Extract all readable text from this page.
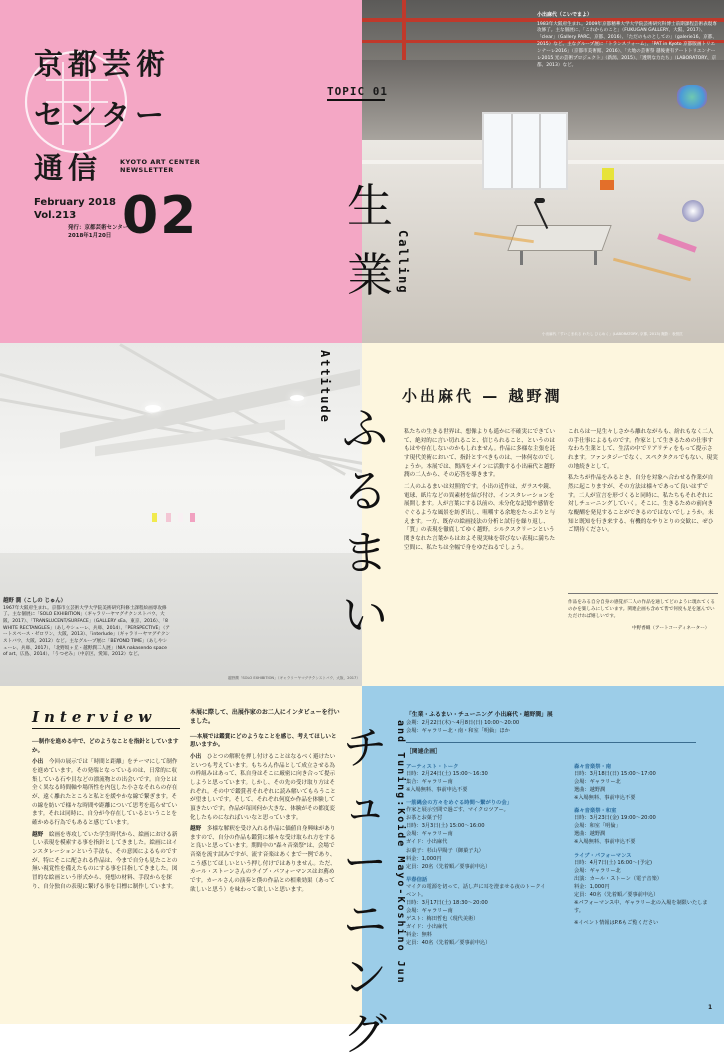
京都芸術
センター
通信	KYOTO ART CENTER
NEWSLETTER
February 2018
Vol.213 02
発行：京都芸術センター
2018年1月20日
小出麻代（こいでまよ）
1983年大阪府生まれ。2009年京都精華大学大学院芸術研究科博士前期課程芸術表現専攻修了。主な個展に、「これからのこと」（FUKUGAN GALLERY、大阪、2017）、「clear」（Gallery PARC、京都、2016）、「ただのものとしての」（galerie16、京都、2015）など。主なグループ展に「トランスフォーム」、「PAT in Kyoto 京都版画トリエンナーレ2016」（京都市美術館、2016）、「大地の芸術祭 越後妻有アートトリエンナーレ2015 光の芸術プロジェクト」（新潟、2015）、「透明な力たち」（LABORATORY、京都、2013）など。
小出麻代「すいこまれる わたし ひらめく」(LABORATORY, 京都, 2013) 撮影：表恒匡
TOPIC 01
越野 潤（こしの じゅん）
1967年大阪府生まれ。京都市立芸術大学大学院美術研究科修士課程絵画専攻修了。主な個展に「SOLO EXHIBITION」（ギャラリーヤマグチクンストバウ、大阪、2017）、「TRANSLUCENT/SURFACE」（GALLERY sEa、東京、2016）、「8 WHITE RECTANGLES」（あしやシューレ、兵庫、2014）、「PERSPECTIVE」（アートスペース・ゼロワン、大阪、2013）、「interlude」（ギャラリーヤマグチクンストバウ、大阪、2012）など。主なグループ展に「BEYOND TIME」（あしやシューレ、兵庫、2017）、「北野坂ヶ丘・越野潤二人展」（NIA nakasendo space of art、広島、2014）、「うつせみ」（中京区、愛知、2012）など。
越野潤「SOLO EXHIBITION」（ギャラリーヤマグチクンストバウ、大阪、2017）
小出麻代 — 越野潤

私たちの生きる世界は、想像よりも遥かに不確実にできていて、絶対的に言い切れること、信じられること、というのはもはや存在しないのかもしれません。作品に多様な主張を託す現代美術において、指針とすべきものは、一体何なのでしょうか。本展では、関西をメインに活動する小出麻代と越野潤の二人から、その応答を導きます。

二人のふるまいは対照的です。小出の近作は、ガラスや鏡、電球、紙片などの異素材を結び付け、インスタレーションを展開します。人が言葉にする以前の、未分化な記憶や感情をぐぐるような風景を紡ぎ出し、咀嚼する余地をたっぷりと与えます。一方、既存の絵画技法の分析と試行を繰り返し、「質」の表現を徹底してゆく越野。シルクスクリーンという関きなれた言葉からはおよそ現実味を帯びない表現に満ちた空間に、私たちは全幅で身をゆだねるでしょう。

これらは一見生々しさから離れながらも、紛れもなく二人の手仕事によるものです。作家として生きるための仕事すなわち生業として、生活の中でリアリティをもって提示されます。ファンタジーでなく、スペクタクルでもない、現実の地続きとして。

私たちが作品をみるとき、自分を対象へ合わせる作業が自然に起こりますが、その方法は様々であって良いはずです。二人が宣言を形づくると同時に、私たちもそれぞれに対しチューニングしていく。そこに、生きるための前向きな醍醐を発見することができるのではないでしょうか。未知と既知を行き来する、有機的なやりとりの交歓に、ぜひご期待ください。

作品をみる自分自身の感覚が二人の作品を通してどのように現れてくるのかを楽しみにしています。関連企画も含めて皆で何度も足を運んでいただければ嬉しいです。
中野香織（アートコーディネーター）
Interview

──制作を進める中で、どのようなことを指針としていますか。

小出　 今回の展示では「時間と距離」をテーマにして制作を進めています。その発端となっているのは、日常的に収集している石や貝などの漂流物との出会いです。自分とは全く異なる時間軸や場所性を内包した小さなそれらの存在が、遠く離れたところと私とを緩やかな線で繋ぎます。その線を紡いで様々な時間や距離について思考を巡らせています。それは同時に、自分が今存在しているということを確かめる行為でもあると感じています。

越野　 絵画を専攻していた学生時代から、絵画における新しい表現を模索する事を指針としてきました。絵画にはインスタレーションという手法も、その意図によるものですが、特にそこに配される作品は、今まで自分も見たことの無い視覚性を備えたものにする事を目指してきました。図冒的な絵画という形式から、発想の材料、手段からを探り、自分独自の表現に繋げる事を目標に制作しています。

本展に際して、出展作家のお二人にインタビューを行いました。

──本展では鑑賞にどのようなことを感じ、考えてほしいと思いますか。

小出　 ひとつの解釈を押し付けることはなるべく避けたいといつも考えています。もちろん作品として成立させる為の枠組みはあって、私自身はそこに厳密に向き合って提示しようと思っています。しかし、その先の受け取り方はそれぞれ。その中で鑑賞者それぞれに読み解いてもらうことが望ましいです。そして、それぞれ何度か作品を体験して頂きたいです。作品が毎回何か大きな、体験がその都度変化したものになればいいなと思っています。

越野　 多様な解釈を受け入れる作品に価値自身興味がありますので、自分の作品も鑑賞に様々な受け取られ方をすると良いと思っています。期間中の"森々音楽祭"は、会場で音楽を流す試みですが、流す音楽はあくまで一例であり、こう感じてほしいという押し付けではありません。ただ、カール・ストーンさんのライブ・パフォーマンスはお薦めです。カールさんの演奏と僕の作品との相乗効果（あって欲しいと思う）を味わって欲しいと思います。

「生業・ふるまい・チューニング 小出麻代・越野潤」展
会期：2月22日(木)〜4月8日(日) 10:00〜20:00
会場：ギャラリー北・南・和室「明倫」ほか
［関連企画］
アーティスト・トーク
日時：2月24日(土) 15:00〜16:30
集合：ギャラリー南
※入場無料、事前申込不要
一筋縄会の方々をめぐる時間〜繋がりの会」
作家と展示空間で過ごす、マイクロツアー。
お茶とお菓子付
日時：3月3日(土) 15:00〜16:00
会場：ギャラリー南
ガイド：小出麻代
お菓子：杉山早陽子（御菓子丸）
料金：1,000円
定員：20名（先着順／要事前申込）
早春信話
マイクの電源を切って、話し声に耳を澄ませる夜のトークイベント。
日時：3月17日(土) 18:30〜20:00
会場：ギャラリー南
ゲスト：梅田哲也（現代美術）
ガイド：小出麻代
料金：無料
定員：40名（先着順／要事前申込）
森々音楽祭・南
日時：3月18日(日) 15:00〜17:00
会場：ギャラリー北
選曲：越野潤
※入場無料、事前申込不要
森々音楽祭・和室
日時：3月23日(金) 19:00〜20:00
会場：和室「明倫」
選曲：越野潤
※入場無料、事前申込不要
ライブ・パフォーマンス
日時：4月7日(土) 16:00〜(予定)
会場：ギャラリー北
出演：カール・ストーン（電子音楽）
料金：1,000円
定員：40名（先着順／要事前申込）
※パフォーマンス中、ギャラリー北の入場を制限いたします。
※イベント情報はP.6もご覧ください
1
生業 Calling
ふるまい
Attitude
チューニング
and Tuning:Koide Mayo-Koshino Jun
